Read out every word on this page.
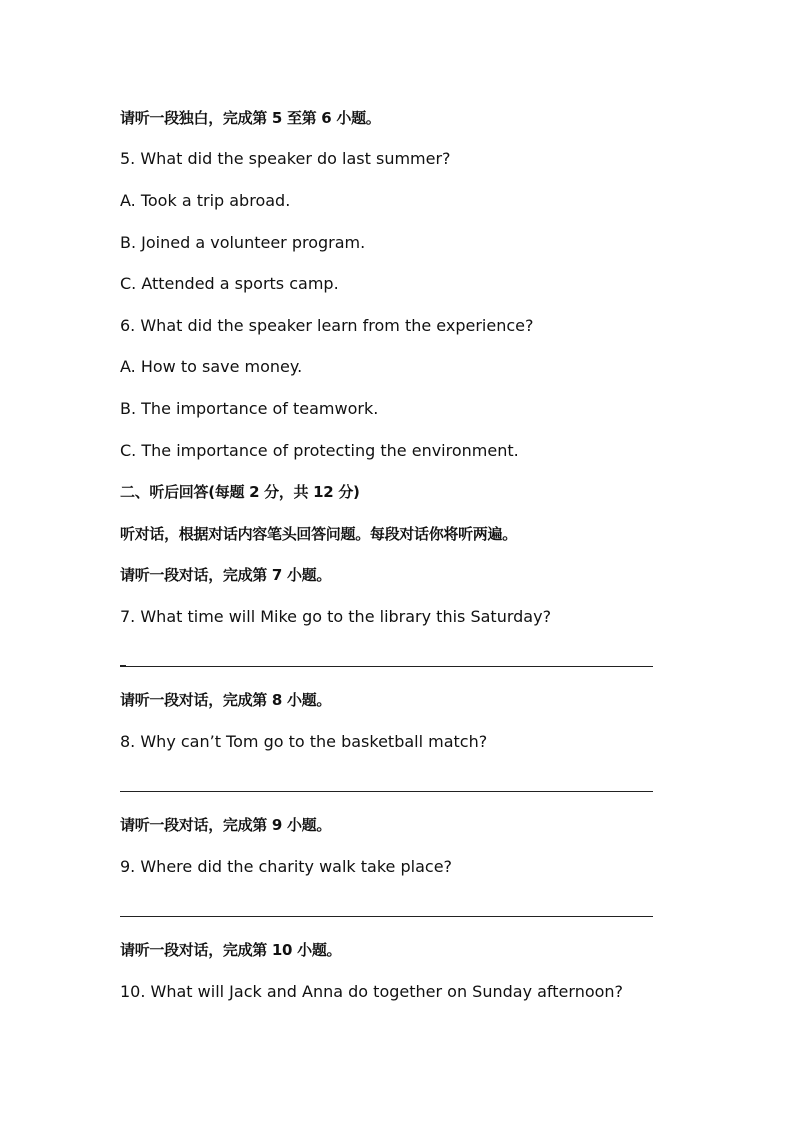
请听一段独白，完成第 5 至第 6 小题。
5. What did the speaker do last summer?
A. Took a trip abroad.
B. Joined a volunteer program.
C. Attended a sports camp.
6. What did the speaker learn from the experience?
A. How to save money.
B. The importance of teamwork.
C. The importance of protecting the environment.
二、听后回答(每题 2 分，共 12 分)
听对话，根据对话内容笔头回答问题。每段对话你将听两遍。
请听一段对话，完成第 7 小题。
7. What time will Mike go to the library this Saturday?
请听一段对话，完成第 8 小题。
8. Why can’t Tom go to the basketball match?
请听一段对话，完成第 9 小题。
9. Where did the charity walk take place?
请听一段对话，完成第 10 小题。
10. What will Jack and Anna do together on Sunday afternoon?
